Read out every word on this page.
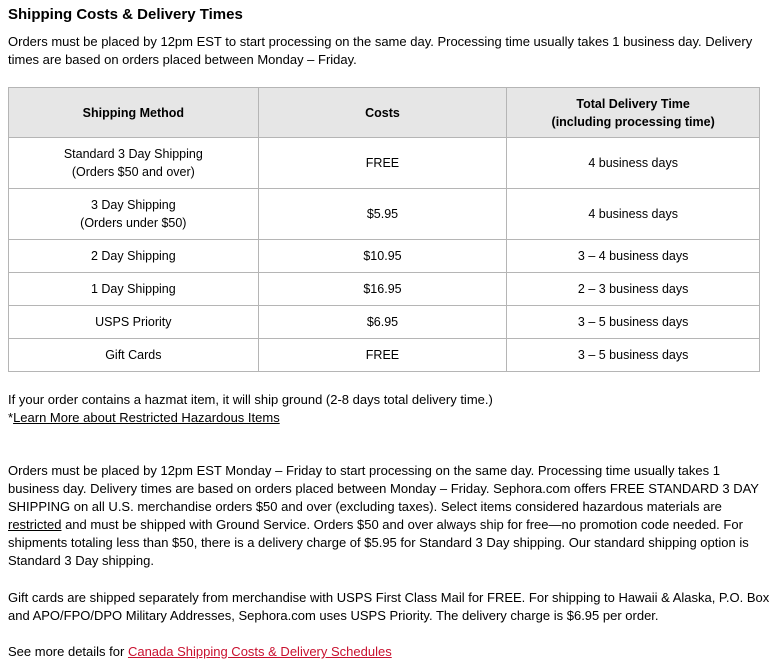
Shipping Costs & Delivery Times

Orders must be placed by 12pm EST to start processing on the same day. Processing time usually takes 1 business day. Delivery times are based on orders placed between Monday – Friday.

Shipping Method	Costs	Total Delivery Time
(including processing time)
Standard 3 Day Shipping
(Orders $50 and over)	FREE	4 business days
3 Day Shipping
(Orders under $50)	$5.95	4 business days
2 Day Shipping	$10.95	3 – 4 business days
1 Day Shipping	$16.95	2 – 3 business days
USPS Priority	$6.95	3 – 5 business days
Gift Cards	FREE	3 – 5 business days

If your order contains a hazmat item, it will ship ground (2-8 days total delivery time.)

*Learn More about Restricted Hazardous Items

Orders must be placed by 12pm EST Monday – Friday to start processing on the same day. Processing time usually takes 1 business day. Delivery times are based on orders placed between Monday – Friday. Sephora.com offers FREE STANDARD 3 DAY SHIPPING on all U.S. merchandise orders $50 and over (excluding taxes). Select items considered hazardous materials are restricted and must be shipped with Ground Service. Orders $50 and over always ship for free—no promotion code needed. For shipments totaling less than $50, there is a delivery charge of $5.95 for Standard 3 Day shipping. Our standard shipping option is Standard 3 Day shipping.

Gift cards are shipped separately from merchandise with USPS First Class Mail for FREE. For shipping to Hawaii & Alaska, P.O. Box and APO/FPO/DPO Military Addresses, Sephora.com uses USPS Priority. The delivery charge is $6.95 per order.

See more details for Canada Shipping Costs & Delivery Schedules
